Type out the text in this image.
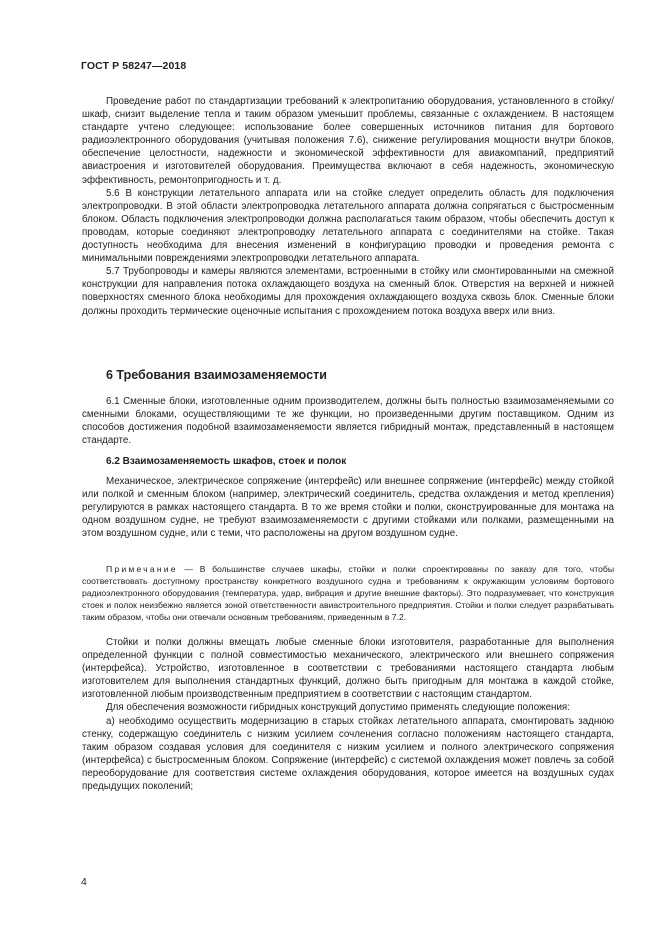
ГОСТ Р 58247—2018

Проведение работ по стандартизации требований к электропитанию оборудования, установленного в стойку/шкаф, снизит выделение тепла и таким образом уменьшит проблемы, связанные с охлаждением. В настоящем стандарте учтено следующее: использование более совершенных источников питания для бортового радиоэлектронного оборудования (учитывая положения 7.6), снижение регулирования мощности внутри блоков, обеспечение целостности, надежности и экономической эффективности для авиакомпаний, предприятий авиастроения и изготовителей оборудования. Преимущества включают в себя надежность, экономическую эффективность, ремонтопригодность и т. д.

5.6 В конструкции летательного аппарата или на стойке следует определить область для подключения электропроводки. В этой области электропроводка летательного аппарата должна сопрягаться с быстросменным блоком. Область подключения электропроводки должна располагаться таким образом, чтобы обеспечить доступ к проводам, которые соединяют электропроводку летательного аппарата с соединителями на стойке. Такая доступность необходима для внесения изменений в конфигурацию проводки и проведения ремонта с минимальными повреждениями электропроводки летательного аппарата.

5.7 Трубопроводы и камеры являются элементами, встроенными в стойку или смонтированными на смежной конструкции для направления потока охлаждающего воздуха на сменный блок. Отверстия на верхней и нижней поверхностях сменного блока необходимы для прохождения охлаждающего воздуха сквозь блок. Сменные блоки должны проходить термические оценочные испытания с прохождением потока воздуха вверх или вниз.

6 Требования взаимозаменяемости

6.1 Сменные блоки, изготовленные одним производителем, должны быть полностью взаимозаменяемыми со сменными блоками, осуществляющими те же функции, но произведенными другим поставщиком. Одним из способов достижения подобной взаимозаменяемости является гибридный монтаж, представленный в настоящем стандарте.

6.2 Взаимозаменяемость шкафов, стоек и полок

Механическое, электрическое сопряжение (интерфейс) или внешнее сопряжение (интерфейс) между стойкой или полкой и сменным блоком (например, электрический соединитель, средства охлаждения и метод крепления) регулируются в рамках настоящего стандарта. В то же время стойки и полки, сконструированные для монтажа на одном воздушном судне, не требуют взаимозаменяемости с другими стойками или полками, размещенными на этом воздушном судне, или с теми, что расположены на другом воздушном судне.

Примечание — В большинстве случаев шкафы, стойки и полки спроектированы по заказу для того, чтобы соответствовать доступному пространству конкретного воздушного судна и требованиям к окружающим условиям бортового радиоэлектронного оборудования (температура, удар, вибрация и другие внешние факторы). Это подразумевает, что конструкция стоек и полок неизбежно является зоной ответственности авиастроительного предприятия. Стойки и полки следует разрабатывать таким образом, чтобы они отвечали основным требованиям, приведенным в 7.2.

Стойки и полки должны вмещать любые сменные блоки изготовителя, разработанные для выполнения определенной функции с полной совместимостью механического, электрического или внешнего сопряжения (интерфейса). Устройство, изготовленное в соответствии с требованиями настоящего стандарта любым изготовителем для выполнения стандартных функций, должно быть пригодным для монтажа в каждой стойке, изготовленной любым производственным предприятием в соответствии с настоящим стандартом.

Для обеспечения возможности гибридных конструкций допустимо применять следующие положения:

а) необходимо осуществить модернизацию в старых стойках летательного аппарата, смонтировать заднюю стенку, содержащую соединитель с низким усилием сочленения согласно положениям настоящего стандарта, таким образом создавая условия для соединителя с низким усилием и полного электрического сопряжения (интерфейса) с быстросменным блоком. Сопряжение (интерфейс) с системой охлаждения может повлечь за собой переоборудование для соответствия системе охлаждения оборудования, которое имеется на воздушных судах предыдущих поколений;

4
